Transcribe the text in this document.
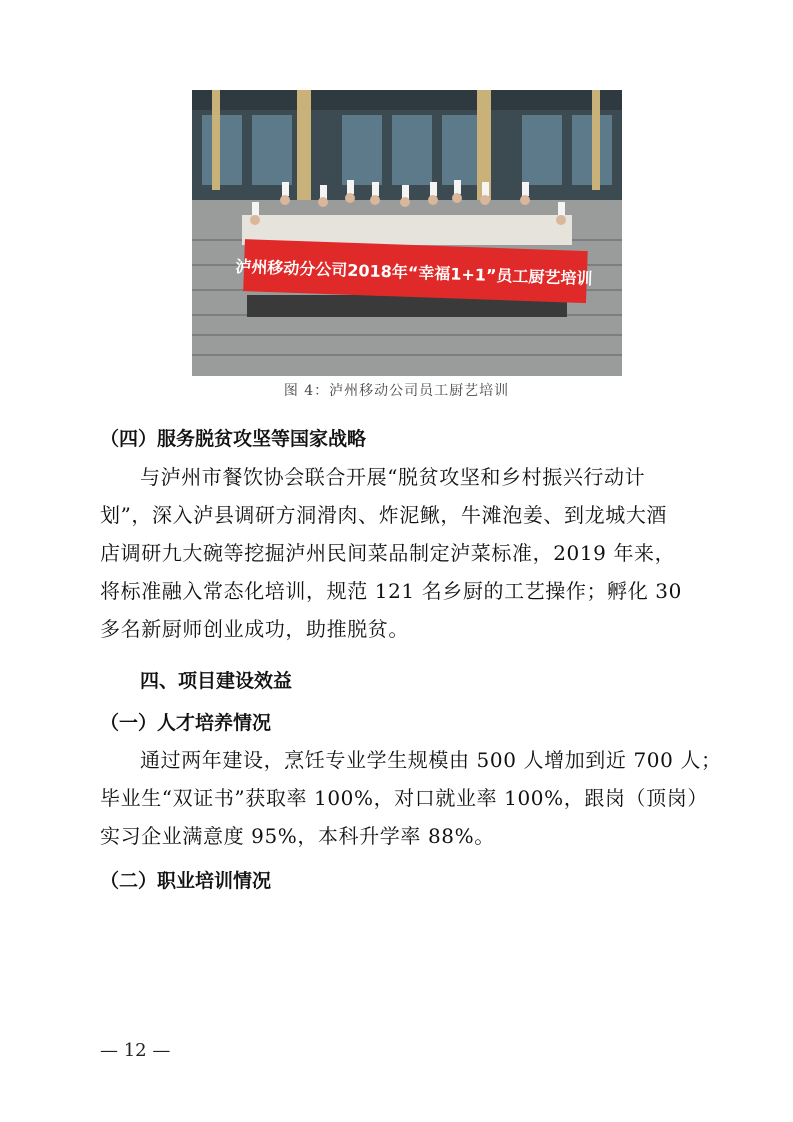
泸州移动分公司2018年“幸福1+1”员工厨艺培训
图 4：泸州移动公司员工厨艺培训
（四）服务脱贫攻坚等国家战略
与泸州市餐饮协会联合开展“脱贫攻坚和乡村振兴行动计
划”，深入泸县调研方洞滑肉、炸泥鳅，牛滩泡姜、到龙城大酒
店调研九大碗等挖掘泸州民间菜品制定泸菜标准，2019 年来，
将标准融入常态化培训，规范 121 名乡厨的工艺操作；孵化 30
多名新厨师创业成功，助推脱贫。
四、项目建设效益
（一）人才培养情况
通过两年建设，烹饪专业学生规模由 500 人增加到近 700 人；
毕业生“双证书”获取率 100%，对口就业率 100%，跟岗（顶岗）
实习企业满意度 95%，本科升学率 88%。
（二）职业培训情况
— 12 —
